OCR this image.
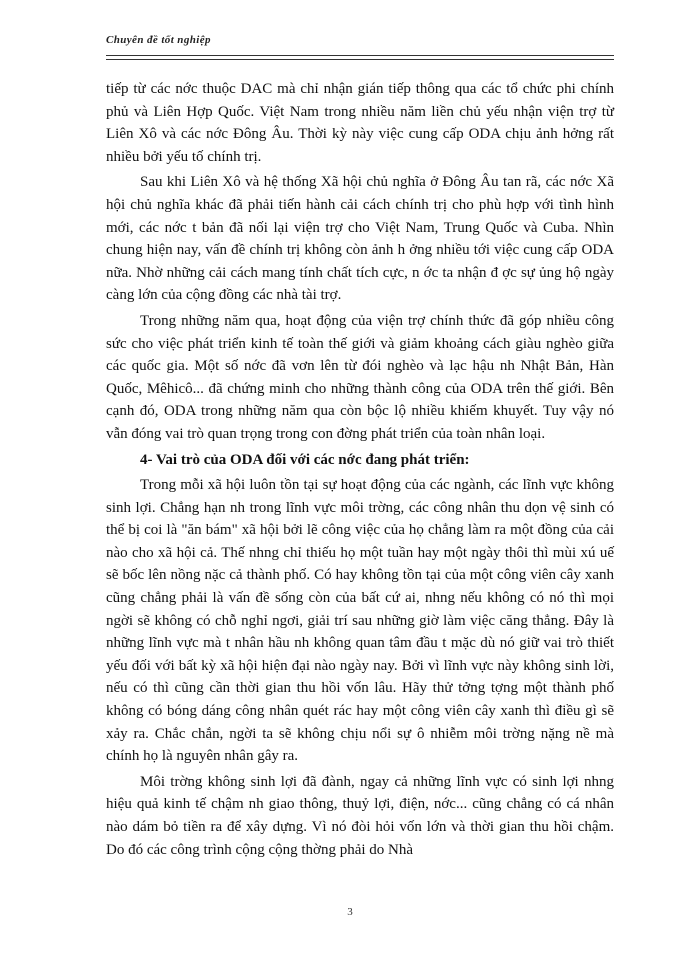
Chuyên đề tốt nghiệp

tiếp từ các nớc thuộc DAC mà chỉ nhận gián tiếp thông qua các tổ chức phi chính phủ và Liên Hợp Quốc. Việt Nam trong nhiều năm liền chủ yếu nhận viện trợ từ Liên Xô và các nớc Đông Âu. Thời kỳ này việc cung cấp ODA chịu ảnh hởng rất nhiều bởi yếu tố chính trị.

Sau khi Liên Xô và hệ thống Xã hội chủ nghĩa ở Đông Âu tan rã, các nớc Xã hội chủ nghĩa khác đã phải tiến hành cải cách chính trị cho phù hợp với tình hình mới, các nớc t bản đã nối lại viện trợ cho Việt Nam, Trung Quốc và Cuba. Nhìn chung hiện nay, vấn đề chính trị không còn ảnh h ởng nhiều tới việc cung cấp ODA nữa. Nhờ những cải cách mang tính chất tích cực, n ớc ta nhận đ ợc sự ủng hộ ngày càng lớn của cộng đồng các nhà tài trợ.

Trong những năm qua, hoạt động của viện trợ chính thức đã góp nhiều công sức cho việc phát triển kinh tế toàn thế giới và giảm khoảng cách giàu nghèo giữa các quốc gia. Một số nớc đã vơn lên từ đói nghèo và lạc hậu nh Nhật Bản, Hàn Quốc, Mêhicô... đã chứng minh cho những thành công của ODA trên thế giới. Bên cạnh đó, ODA trong những năm qua còn bộc lộ nhiều khiếm khuyết. Tuy vậy nó vẫn đóng vai trò quan trọng trong con đờng phát triển của toàn nhân loại.

4- Vai trò của ODA đối với các nớc đang phát triển:

Trong mỗi xã hội luôn tồn tại sự hoạt động của các ngành, các lĩnh vực không sinh lợi. Chẳng hạn nh trong lĩnh vực môi trờng, các công nhân thu dọn vệ sinh có thể bị coi là "ăn bám" xã hội bởi lẽ công việc của họ chẳng làm ra một đồng của cải nào cho xã hội cả. Thế nhng chỉ thiếu họ một tuần hay một ngày thôi thì mùi xú uế sẽ bốc lên nồng nặc cả thành phố. Có hay không tồn tại của một công viên cây xanh cũng chẳng phải là vấn đề sống còn của bất cứ ai, nhng nếu không có nó thì mọi ngời sẽ không có chỗ nghỉ ngơi, giải trí sau những giờ làm việc căng thẳng. Đây là những lĩnh vực mà t nhân hầu nh không quan tâm đầu t mặc dù nó giữ vai trò thiết yếu đối với bất kỳ xã hội hiện đại nào ngày nay. Bởi vì lĩnh vực này không sinh lời, nếu có thì cũng cần thời gian thu hồi vốn lâu. Hãy thử tởng tợng một thành phố không có bóng dáng công nhân quét rác hay một công viên cây xanh thì điều gì sẽ xảy ra. Chắc chắn, ngời ta sẽ không chịu nổi sự ô nhiễm môi trờng nặng nề mà chính họ là nguyên nhân gây ra.

Môi trờng không sinh lợi đã đành, ngay cả những lĩnh vực có sinh lợi nhng hiệu quả kinh tế chậm nh giao thông, thuỷ lợi, điện, nớc... cũng chẳng có cá nhân nào dám bỏ tiền ra để xây dựng. Vì nó đòi hỏi vốn lớn và thời gian thu hồi chậm. Do đó các công trình cộng cộng thờng phải do Nhà

3
